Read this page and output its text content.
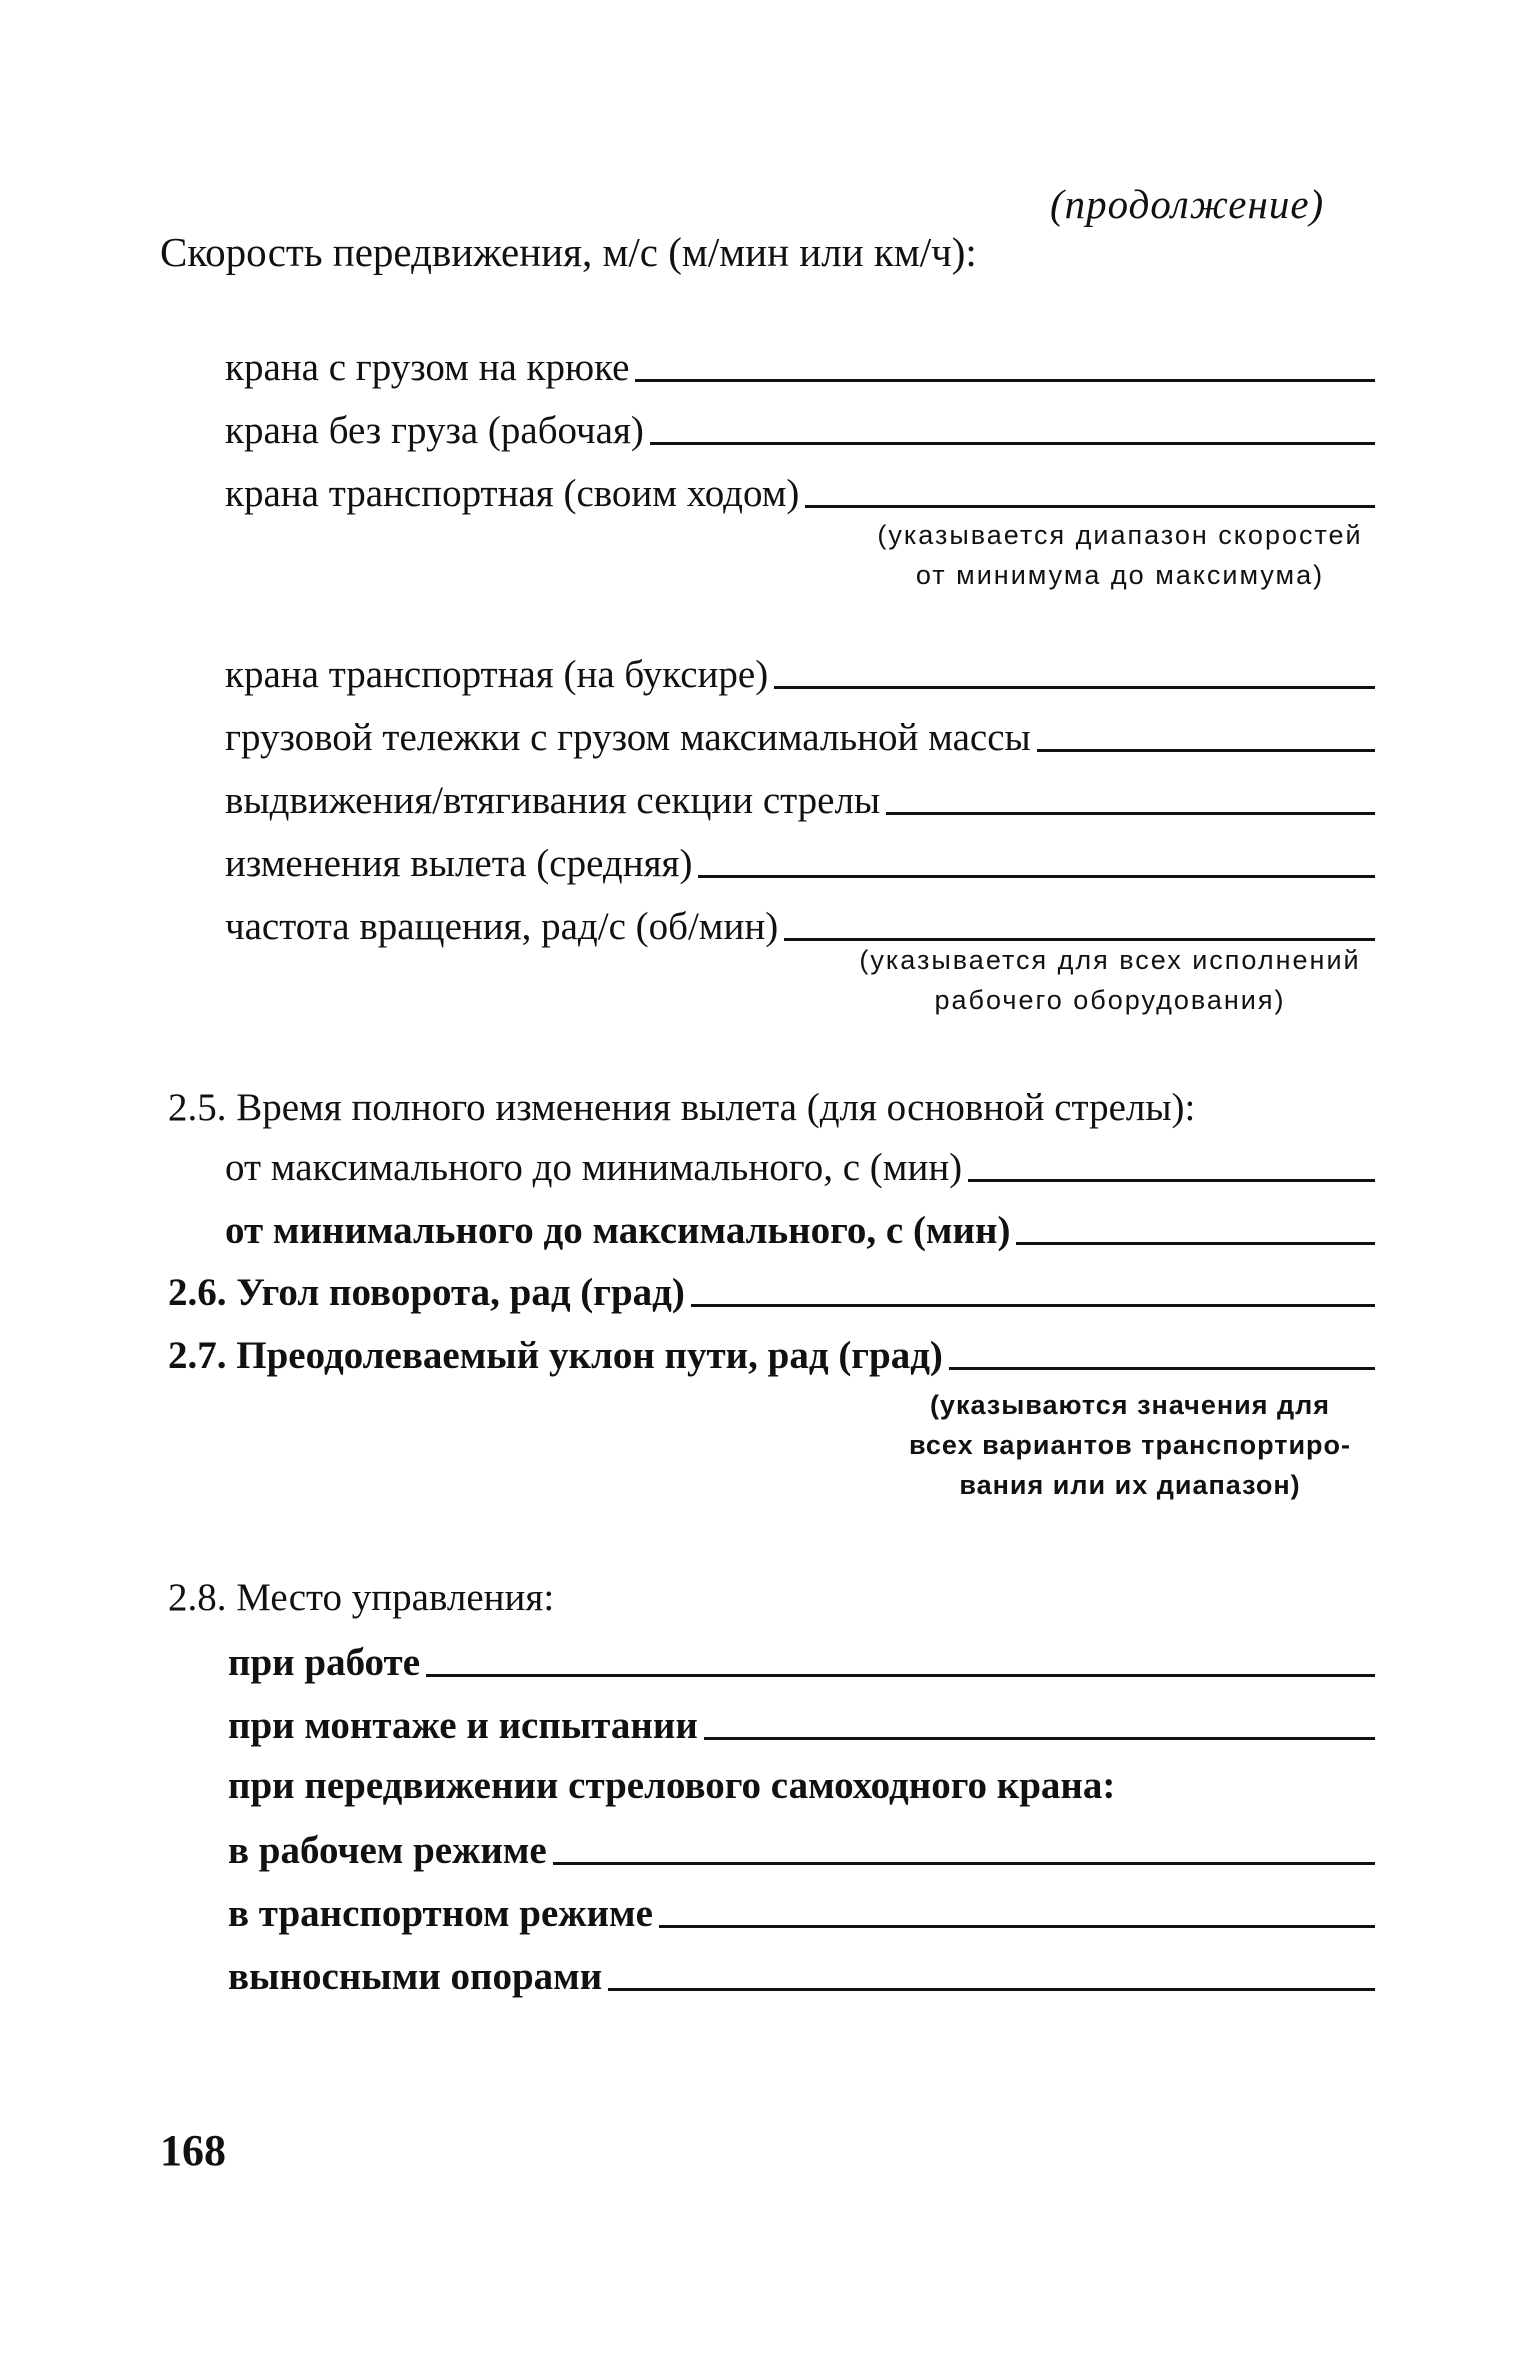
(продолжение)
Скорость передвижения, м/с (м/мин или км/ч):
крана с грузом на крюке
крана без груза (рабочая)
крана транспортная (своим ходом)
(указывается диапазон скоростей
от минимума до максимума)
крана транспортная (на буксире)
грузовой тележки с грузом максимальной массы
выдвижения/втягивания секции стрелы
изменения вылета (средняя)
частота вращения, рад/с (об/мин)
(указывается для всех исполнений
рабочего оборудования)
2.5. Время полного изменения вылета (для основной стрелы):
от максимального до минимального, с (мин)
от минимального до максимального, с (мин)
2.6. Угол поворота, рад (град)
2.7. Преодолеваемый уклон пути, рад (град)
(указываются значения для
всех вариантов транспортиро-
вания или их диапазон)
2.8. Место управления:
при работе
при монтаже и испытании
при передвижении стрелового самоходного крана:
в рабочем режиме
в транспортном режиме
выносными опорами
168
